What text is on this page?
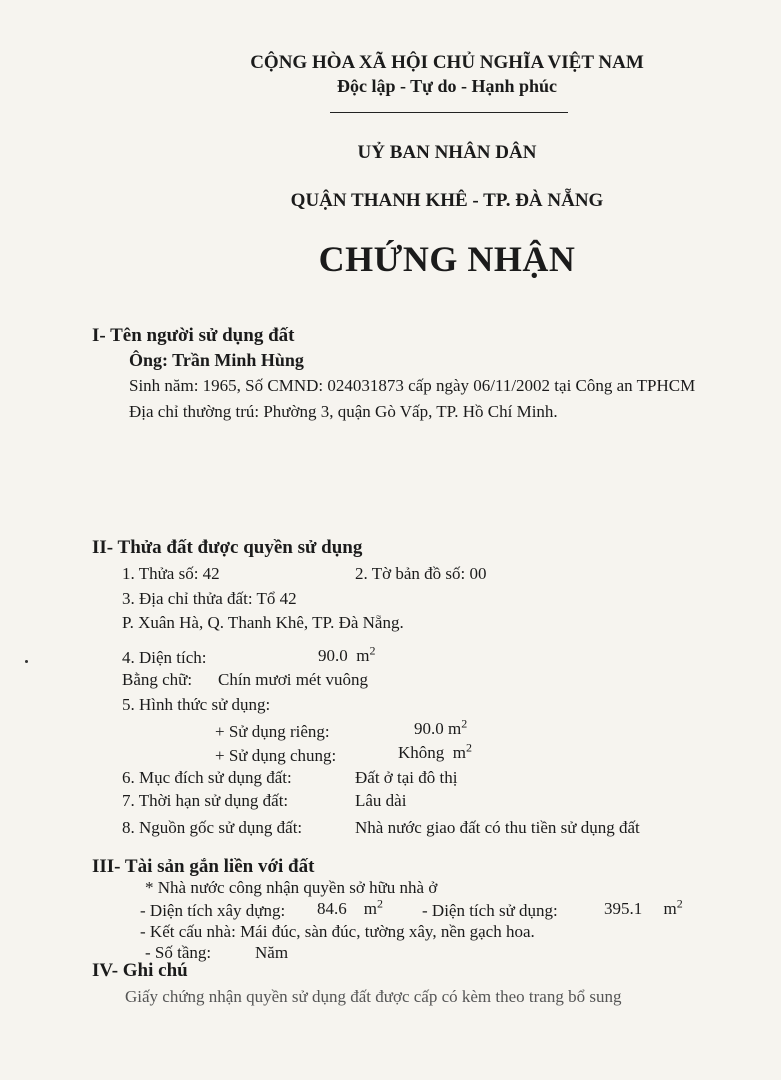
CỘNG HÒA XÃ HỘI CHỦ NGHĨA VIỆT NAM
Độc lập - Tự do - Hạnh phúc
UỶ BAN NHÂN DÂN
QUẬN THANH KHÊ - TP. ĐÀ NẴNG
CHỨNG NHẬN
I- Tên người sử dụng đất
Ông: Trần Minh Hùng
Sinh năm: 1965, Số CMND: 024031873 cấp ngày 06/11/2002 tại Công an TPHCM
Địa chỉ thường trú: Phường 3, quận Gò Vấp, TP. Hồ Chí Minh.
II- Thửa đất được quyền sử dụng
1. Thửa số: 42	2. Tờ bản đồ số: 00
3. Địa chỉ thửa đất: Tổ 42
P. Xuân Hà, Q. Thanh Khê, TP. Đà Nẵng.
4. Diện tích:	90.0 $m^2$
Bằng chữ: Chín mươi mét vuông
5. Hình thức sử dụng:
+ Sử dụng riêng:	90.0 $m^2$
+ Sử dụng chung:	Không $m^2$
6. Mục đích sử dụng đất:	Đất ở tại đô thị
7. Thời hạn sử dụng đất:	Lâu dài
8. Nguồn gốc sử dụng đất:	Nhà nước giao đất có thu tiền sử dụng đất
III- Tài sản gắn liền với đất
* Nhà nước công nhận quyền sở hữu nhà ở
- Diện tích xây dựng: 84.6 $m^2$ - Diện tích sử dụng:	395.1 $m^2$
- Kết cấu nhà: Mái đúc, sàn đúc, tường xây, nền gạch hoa.
- Số tầng:	Năm
IV- Ghi chú
Giấy chứng nhận quyền sử dụng đất được cấp có kèm theo trang bổ sung
